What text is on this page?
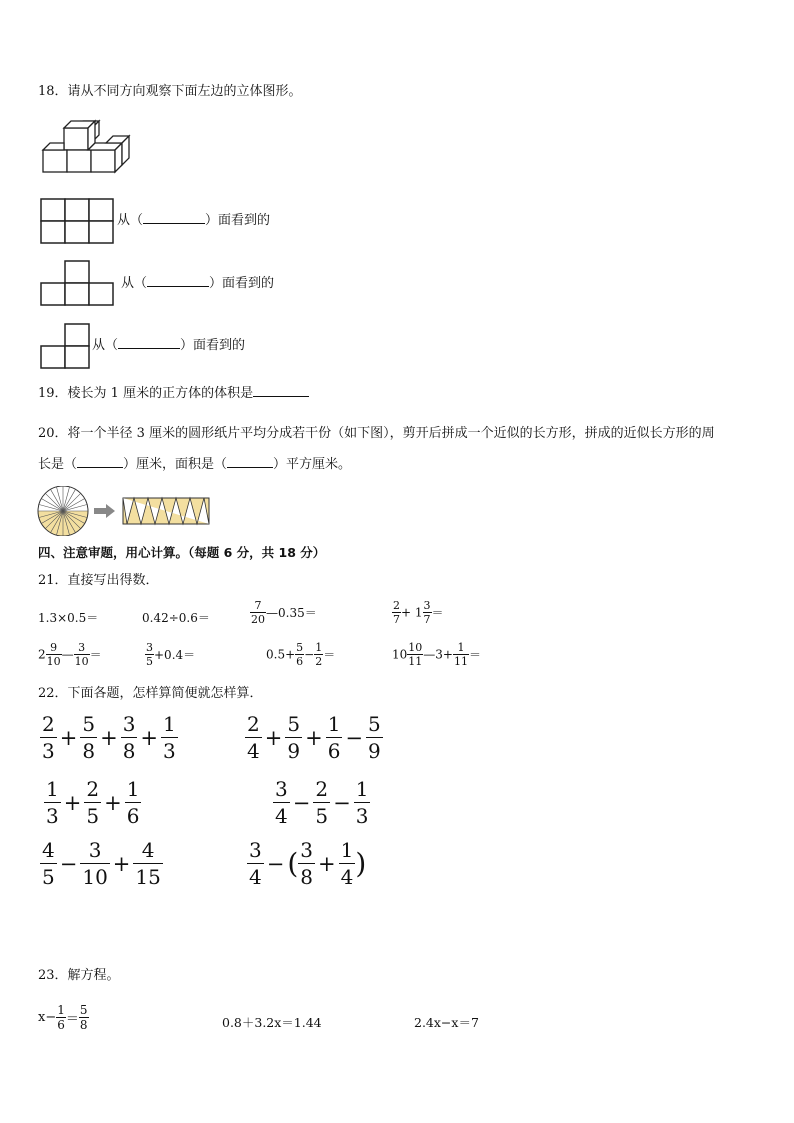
18．请从不同方向观察下面左边的立体图形。
从（	）面看到的
从（	）面看到的
从（	）面看到的
19．棱长为 1 厘米的正方体的体积是
20．将一个半径 3 厘米的圆形纸片平均分成若干份（如下图），剪开后拼成一个近似的长方形，拼成的近似长方形的周
长是（	）厘米，面积是（	）平方厘米。
四、注意审题，用心计算。（每题 6 分，共 18 分）
21．直接写出得数．
1.3×0.5＝	0.42÷0.6＝	$\frac{7}{20}$ —0.35＝	$\frac{2}{7} + 1 \frac{3}{7}$ ＝
$2 \frac{9}{10}$ — $\frac{3}{10}$ ＝	$\frac{3}{5} +0.4=$	$0.5+ \frac{5}{6} - \frac{1}{2}$ ＝	$10 \frac{10}{11}$ —3+ $\frac{1}{11}$ ＝
22．下面各题，怎样算简便就怎样算．
$\frac{2}{3} + \frac{5}{8} + \frac{3}{8} + \frac{1}{3}$	$\frac{2}{4} + \frac{5}{9} + \frac{1}{6} - \frac{5}{9}$
$\frac{1}{3} + \frac{2}{5} + \frac{1}{6}$	$\frac{3}{4} - \frac{2}{5} - \frac{1}{3}$
$\frac{4}{5} - \frac{3}{10} + \frac{4}{15}$	$\frac{3}{4}$ − ( $\frac{3}{8} + \frac{1}{4}$ )
23．解方程。
$x- \frac{1}{6} = \frac{5}{8}$	0.8＋3.2x＝1.44	2.4x−x＝7
